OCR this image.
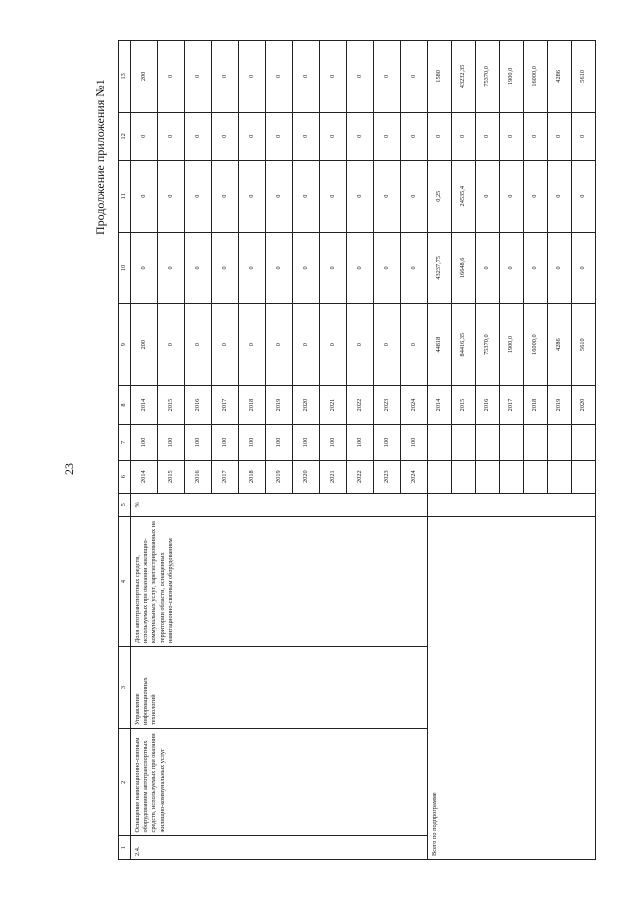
23
Продолжение приложения №1
1	2	3	4	5	6	7	8	9	10	11	12	13
2.4.	Оснащение навигационно-связным оборудованием автотранспортных средств, используемых при оказании жилищно-коммунальных услуг	Управление информационных технологий	Доля автотранспортных средств, используемых при оказании жилищно-коммунальных услуг, зарегистрированных на территории области, оснащенных навигационно-связным оборудованием	%	2014	100	2014	200	0	0	0	200
					2015	100	2015	0	0	0	0	0
					2016	100	2016	0	0	0	0	0
					2017	100	2017	0	0	0	0	0
					2018	100	2018	0	0	0	0	0
					2019	100	2019	0	0	0	0	0
					2020	100	2020	0	0	0	0	0
					2021	100	2021	0	0	0	0	0
					2022	100	2022	0	0	0	0	0
					2023	100	2023	0	0	0	0	0
					2024	100	2024	0	0	0	0	0
Всего по подпрограмме							2014	44818	43237,75	0,25	0	1580
							2015	84416,35	16648,6	24535,4	0	43232,35
							2016	75370,0	0	0	0	75370,0
							2017	1900,0	0	0	0	1900,0
							2018	16000,0	0	0	0	16000,0
							2019	4286	0	0	0	4286
							2020	5610	0	0	0	5610
